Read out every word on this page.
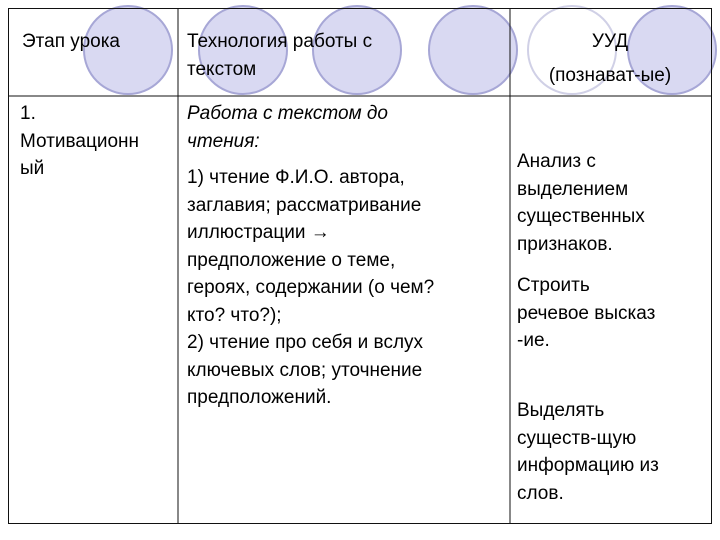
Этап урока	Технология работы с
текстом
УУД
(познават-ые)
1.
Мотивационн
ый
Работа с текстом до
чтения:
1) чтение Ф.И.О. автора,
заглавия; рассматривание
иллюстрации →
предположение о теме,
героях, содержании (о чем?
кто? что?);
2) чтение про себя и вслух
ключевых слов; уточнение
предположений.
Анализ с
выделением
существенных
признаков.
Строить
речевое высказ
-ие.
Выделять
существ-щую
информацию из
слов.
